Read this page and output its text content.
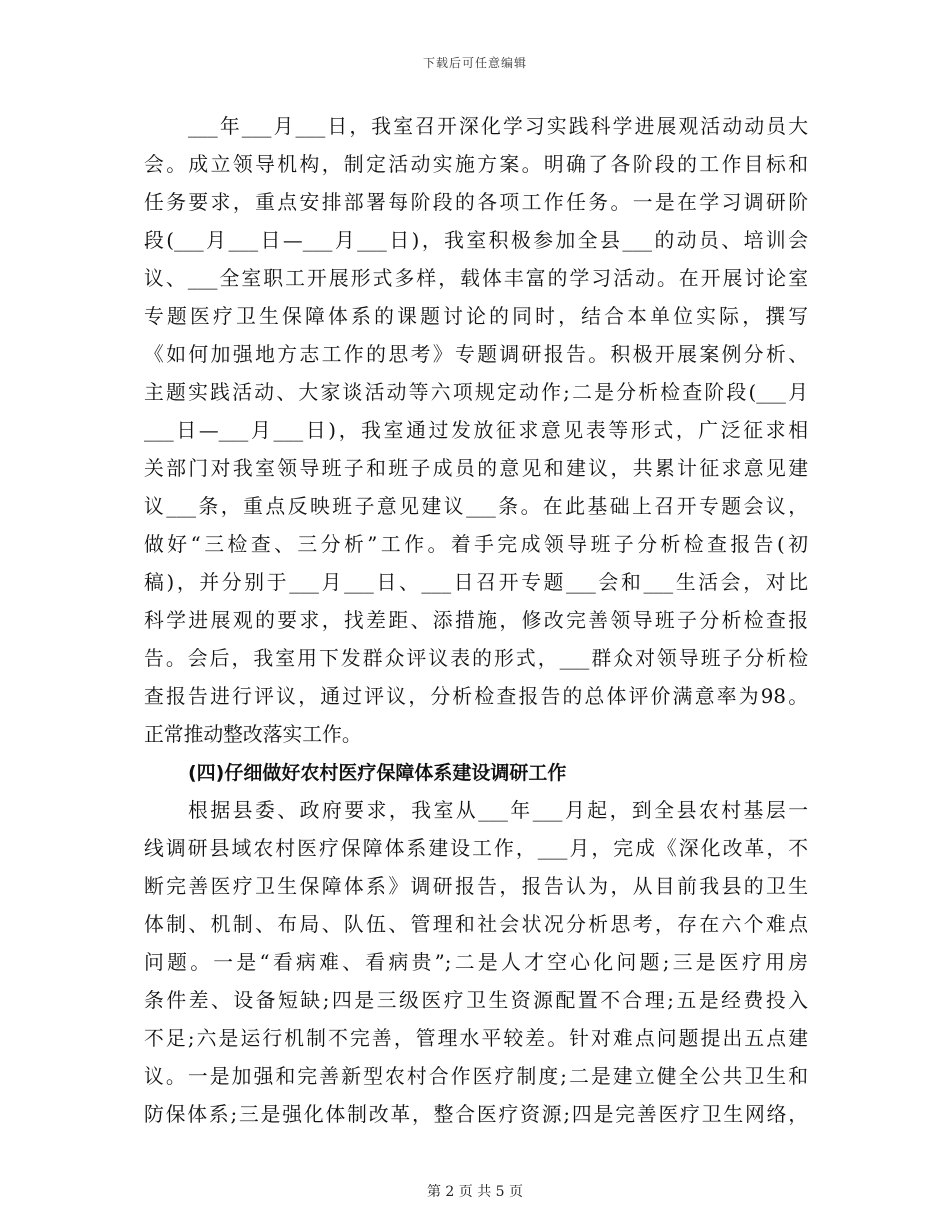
下载后可任意编辑
___年___月___日，我室召开深化学习实践科学进展观活动动员大
会。成立领导机构，制定活动实施方案。明确了各阶段的工作目标和
任务要求，重点安排部署每阶段的各项工作任务。一是在学习调研阶
段(___月___日—___月___日)，我室积极参加全县___的动员、培训会
议、___全室职工开展形式多样，载体丰富的学习活动。在开展讨论室
专题医疗卫生保障体系的课题讨论的同时，结合本单位实际，撰写
《如何加强地方志工作的思考》专题调研报告。积极开展案例分析、
主题实践活动、大家谈活动等六项规定动作;二是分析检查阶段(___月
___日—___月___日)，我室通过发放征求意见表等形式，广泛征求相
关部门对我室领导班子和班子成员的意见和建议，共累计征求意见建
议___条，重点反映班子意见建议___条。在此基础上召开专题会议，
做好“三检查、三分析”工作。着手完成领导班子分析检查报告(初
稿)，并分别于___月___日、___日召开专题___会和___生活会，对比
科学进展观的要求，找差距、添措施，修改完善领导班子分析检查报
告。会后，我室用下发群众评议表的形式，___群众对领导班子分析检
查报告进行评议，通过评议，分析检查报告的总体评价满意率为98。
正常推动整改落实工作。
(四)仔细做好农村医疗保障体系建设调研工作
根据县委、政府要求，我室从___年___月起，到全县农村基层一
线调研县域农村医疗保障体系建设工作，___月，完成《深化改革，不
断完善医疗卫生保障体系》调研报告，报告认为，从目前我县的卫生
体制、机制、布局、队伍、管理和社会状况分析思考，存在六个难点
问题。一是“看病难、看病贵”;二是人才空心化问题;三是医疗用房
条件差、设备短缺;四是三级医疗卫生资源配置不合理;五是经费投入
不足;六是运行机制不完善，管理水平较差。针对难点问题提出五点建
议。一是加强和完善新型农村合作医疗制度;二是建立健全公共卫生和
防保体系;三是强化体制改革，整合医疗资源;四是完善医疗卫生网络，
第 2 页 共 5 页
